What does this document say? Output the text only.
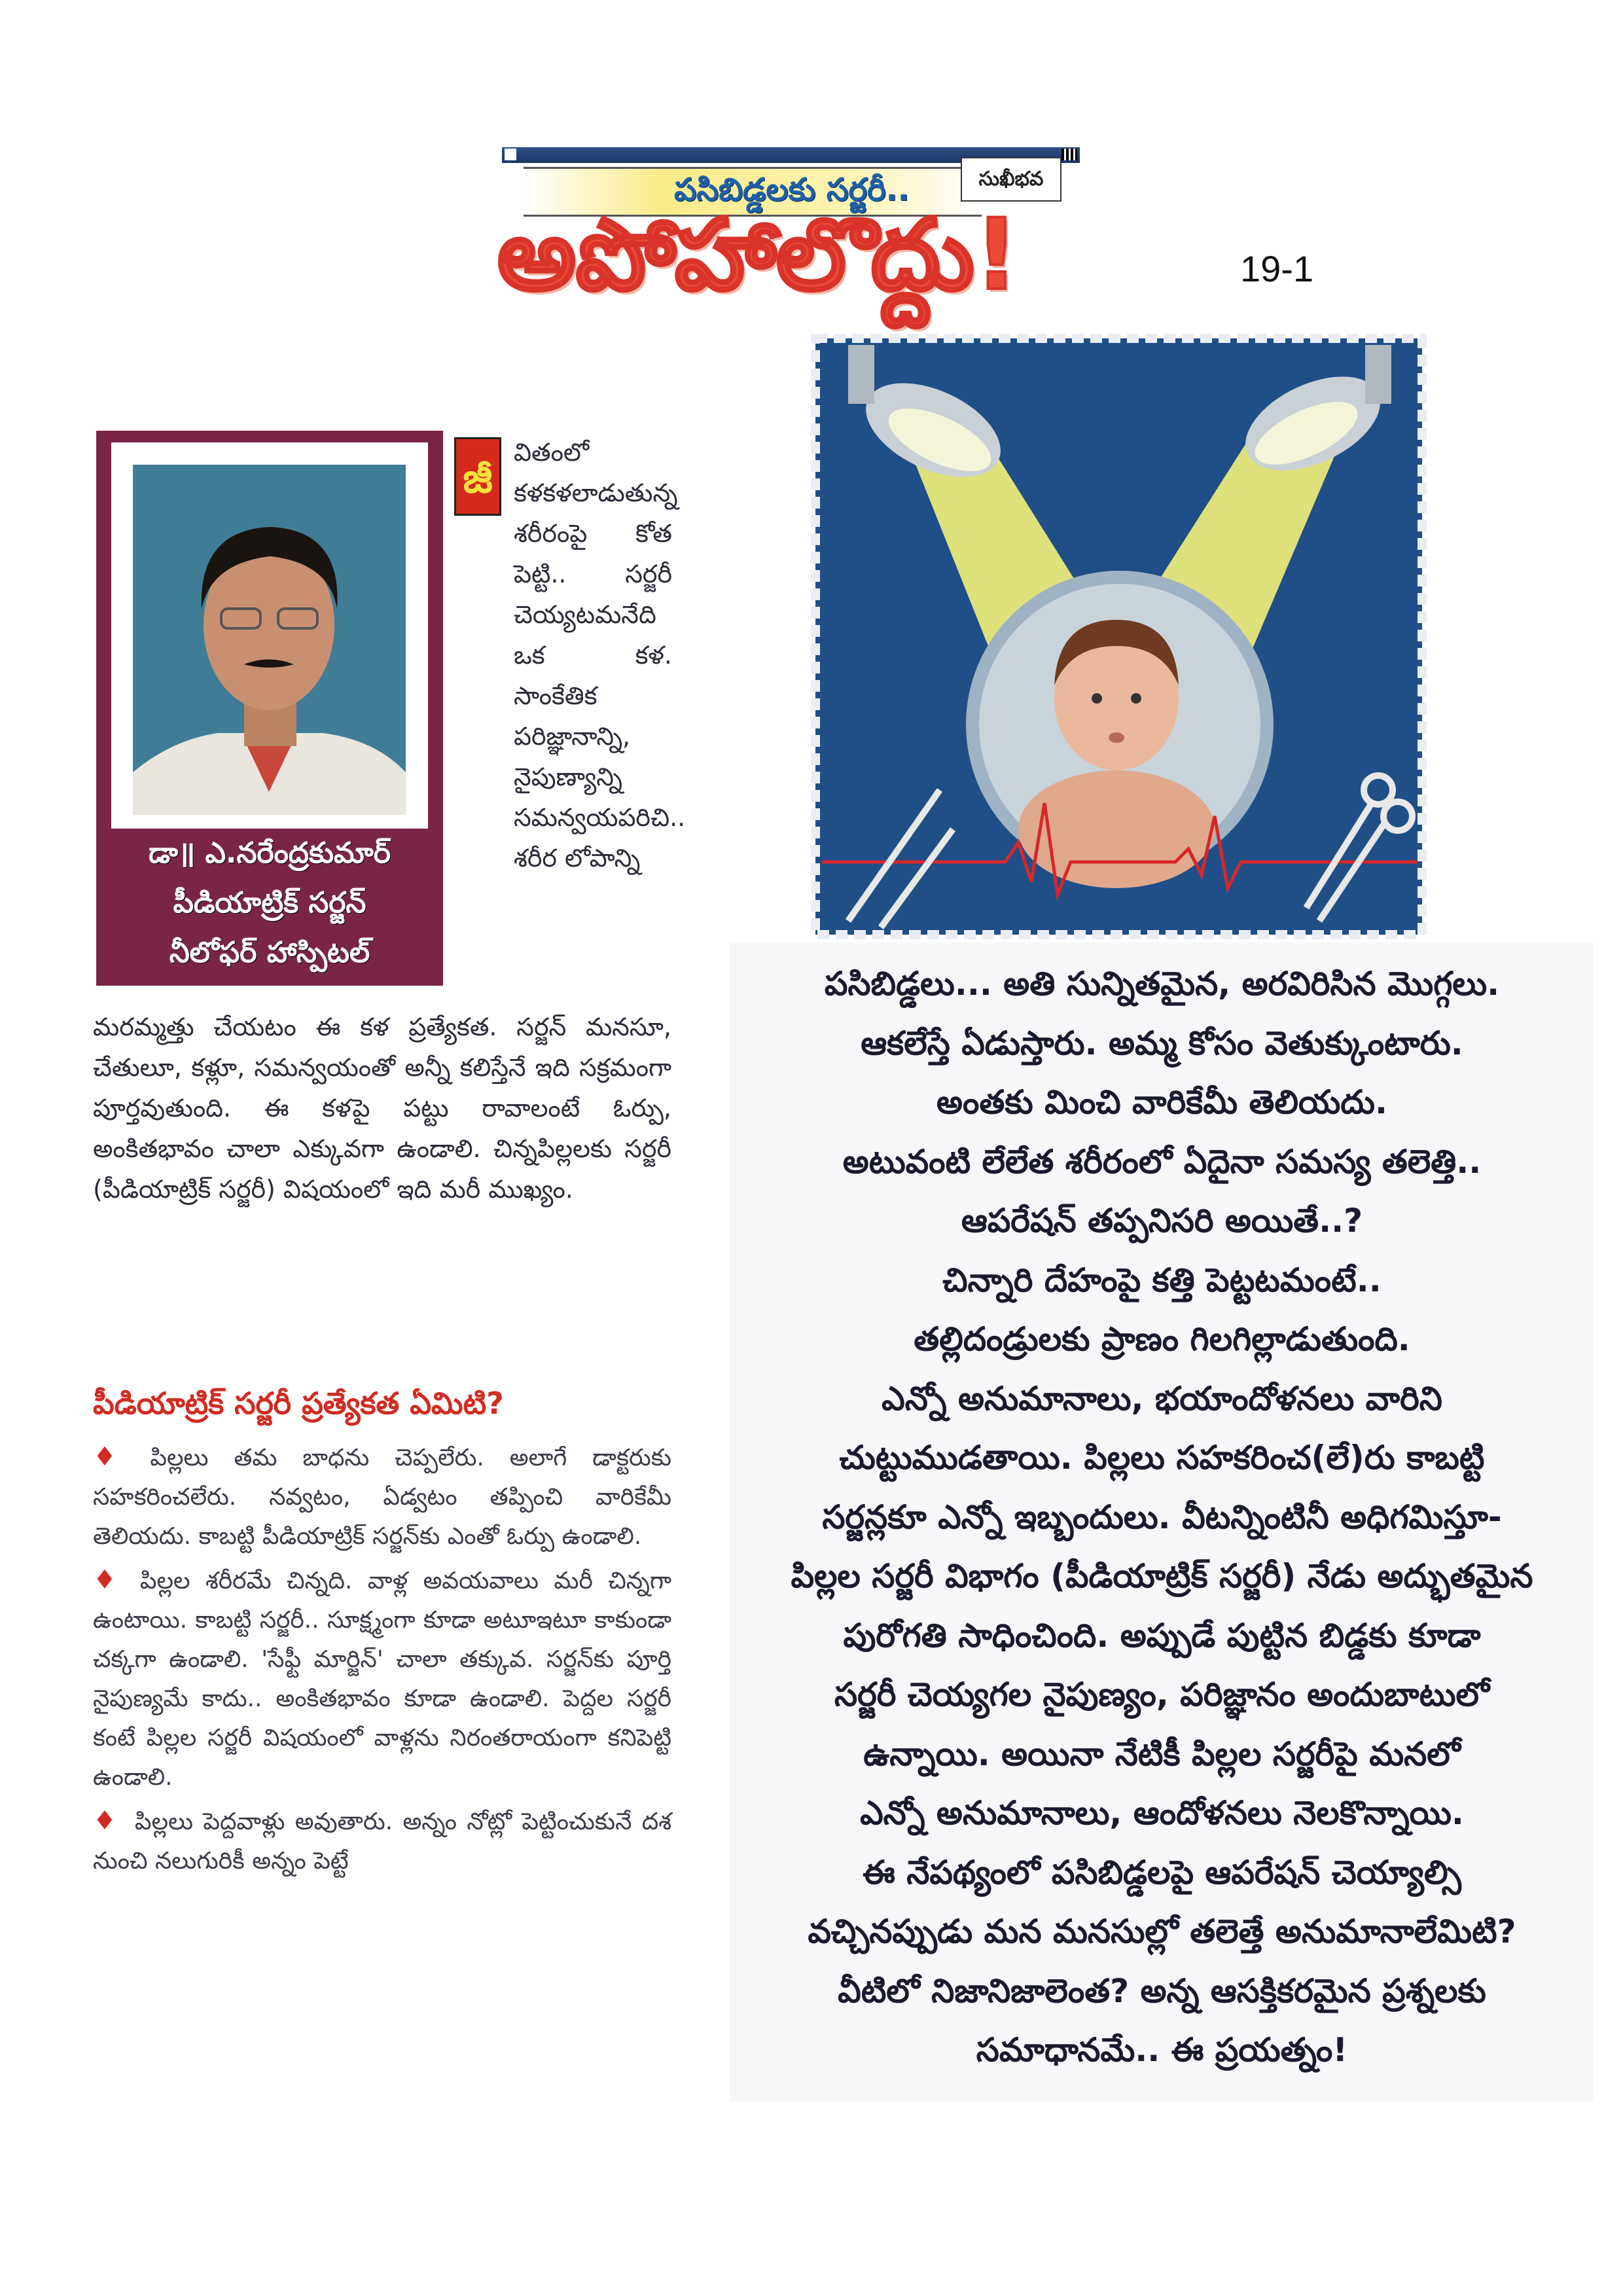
పసిబిడ్డలకు సర్జరీ..	సుఖీభవ
అపోహాలొద్దు!	19-1
డా॥ ఎ.నరేంద్రకుమార్
పీడియాట్రిక్ సర్జన్
నీలోఫర్ హాస్పిటల్
జీ
వితంలో కళకళలాడుతున్న శరీరంపై కోత పెట్టి.. సర్జరీ చెయ్యటమనేది ఒక కళ. సాంకేతిక పరిజ్ఞానాన్ని, నైపుణ్యాన్ని సమన్వయపరిచి.. శరీర లోపాన్ని
మరమ్మత్తు చేయటం ఈ కళ ప్రత్యేకత. సర్జన్ మనసూ, చేతులూ, కళ్లూ, సమన్వయంతో అన్నీ కలిస్తేనే ఇది సక్రమంగా పూర్తవుతుంది. ఈ కళపై పట్టు రావాలంటే ఓర్పు, అంకితభావం చాలా ఎక్కువగా ఉండాలి. చిన్నపిల్లలకు సర్జరీ (పీడియాట్రిక్ సర్జరీ) విషయంలో ఇది మరీ ముఖ్యం.
పీడియాట్రిక్ సర్జరీ ప్రత్యేకత ఏమిటి?
♦ పిల్లలు తమ బాధను చెప్పలేరు. అలాగే డాక్టరుకు సహకరించలేరు. నవ్వటం, ఏడ్వటం తప్పించి వారికేమీ తెలియదు. కాబట్టి పీడియాట్రిక్ సర్జన్‌కు ఎంతో ఓర్పు ఉండాలి.
♦ పిల్లల శరీరమే చిన్నది. వాళ్ల అవయవాలు మరీ చిన్నగా ఉంటాయి. కాబట్టి సర్జరీ.. సూక్ష్మంగా కూడా అటూఇటూ కాకుండా చక్కగా ఉండాలి. 'సేఫ్టీ మార్జిన్' చాలా తక్కువ. సర్జన్‌కు పూర్తి నైపుణ్యమే కాదు.. అంకితభావం కూడా ఉండాలి. పెద్దల సర్జరీ కంటే పిల్లల సర్జరీ విషయంలో వాళ్లను నిరంతరాయంగా కనిపెట్టి ఉండాలి.
♦ పిల్లలు పెద్దవాళ్లు అవుతారు. అన్నం నోట్లో పెట్టించుకునే దశ నుంచి నలుగురికీ అన్నం పెట్టే
పసిబిడ్డలు... అతి సున్నితమైన, అరవిరిసిన మొగ్గలు.
ఆకలేస్తే ఏడుస్తారు. అమ్మ కోసం వెతుక్కుంటారు.
అంతకు మించి వారికేమీ తెలియదు.
అటువంటి లేలేత శరీరంలో ఏదైనా సమస్య తలెత్తి..
ఆపరేషన్ తప్పనిసరి అయితే..?
చిన్నారి దేహంపై కత్తి పెట్టటమంటే..
తల్లిదండ్రులకు ప్రాణం గిలగిల్లాడుతుంది.
ఎన్నో అనుమానాలు, భయాందోళనలు వారిని
చుట్టుముడతాయి. పిల్లలు సహకరించ(లే)రు కాబట్టి
సర్జన్లకూ ఎన్నో ఇబ్బందులు. వీటన్నింటినీ అధిగమిస్తూ-
పిల్లల సర్జరీ విభాగం (పీడియాట్రిక్ సర్జరీ) నేడు అద్భుతమైన
పురోగతి సాధించింది. అప్పుడే పుట్టిన బిడ్డకు కూడా
సర్జరీ చెయ్యగల నైపుణ్యం, పరిజ్ఞానం అందుబాటులో
ఉన్నాయి. అయినా నేటికీ పిల్లల సర్జరీపై మనలో
ఎన్నో అనుమానాలు, ఆందోళనలు నెలకొన్నాయి.
ఈ నేపథ్యంలో పసిబిడ్డలపై ఆపరేషన్ చెయ్యాల్సి
వచ్చినప్పుడు మన మనసుల్లో తలెత్తే అనుమానాలేమిటి?
వీటిలో నిజానిజాలెంత? అన్న ఆసక్తికరమైన ప్రశ్నలకు
సమాధానమే.. ఈ ప్రయత్నం!
